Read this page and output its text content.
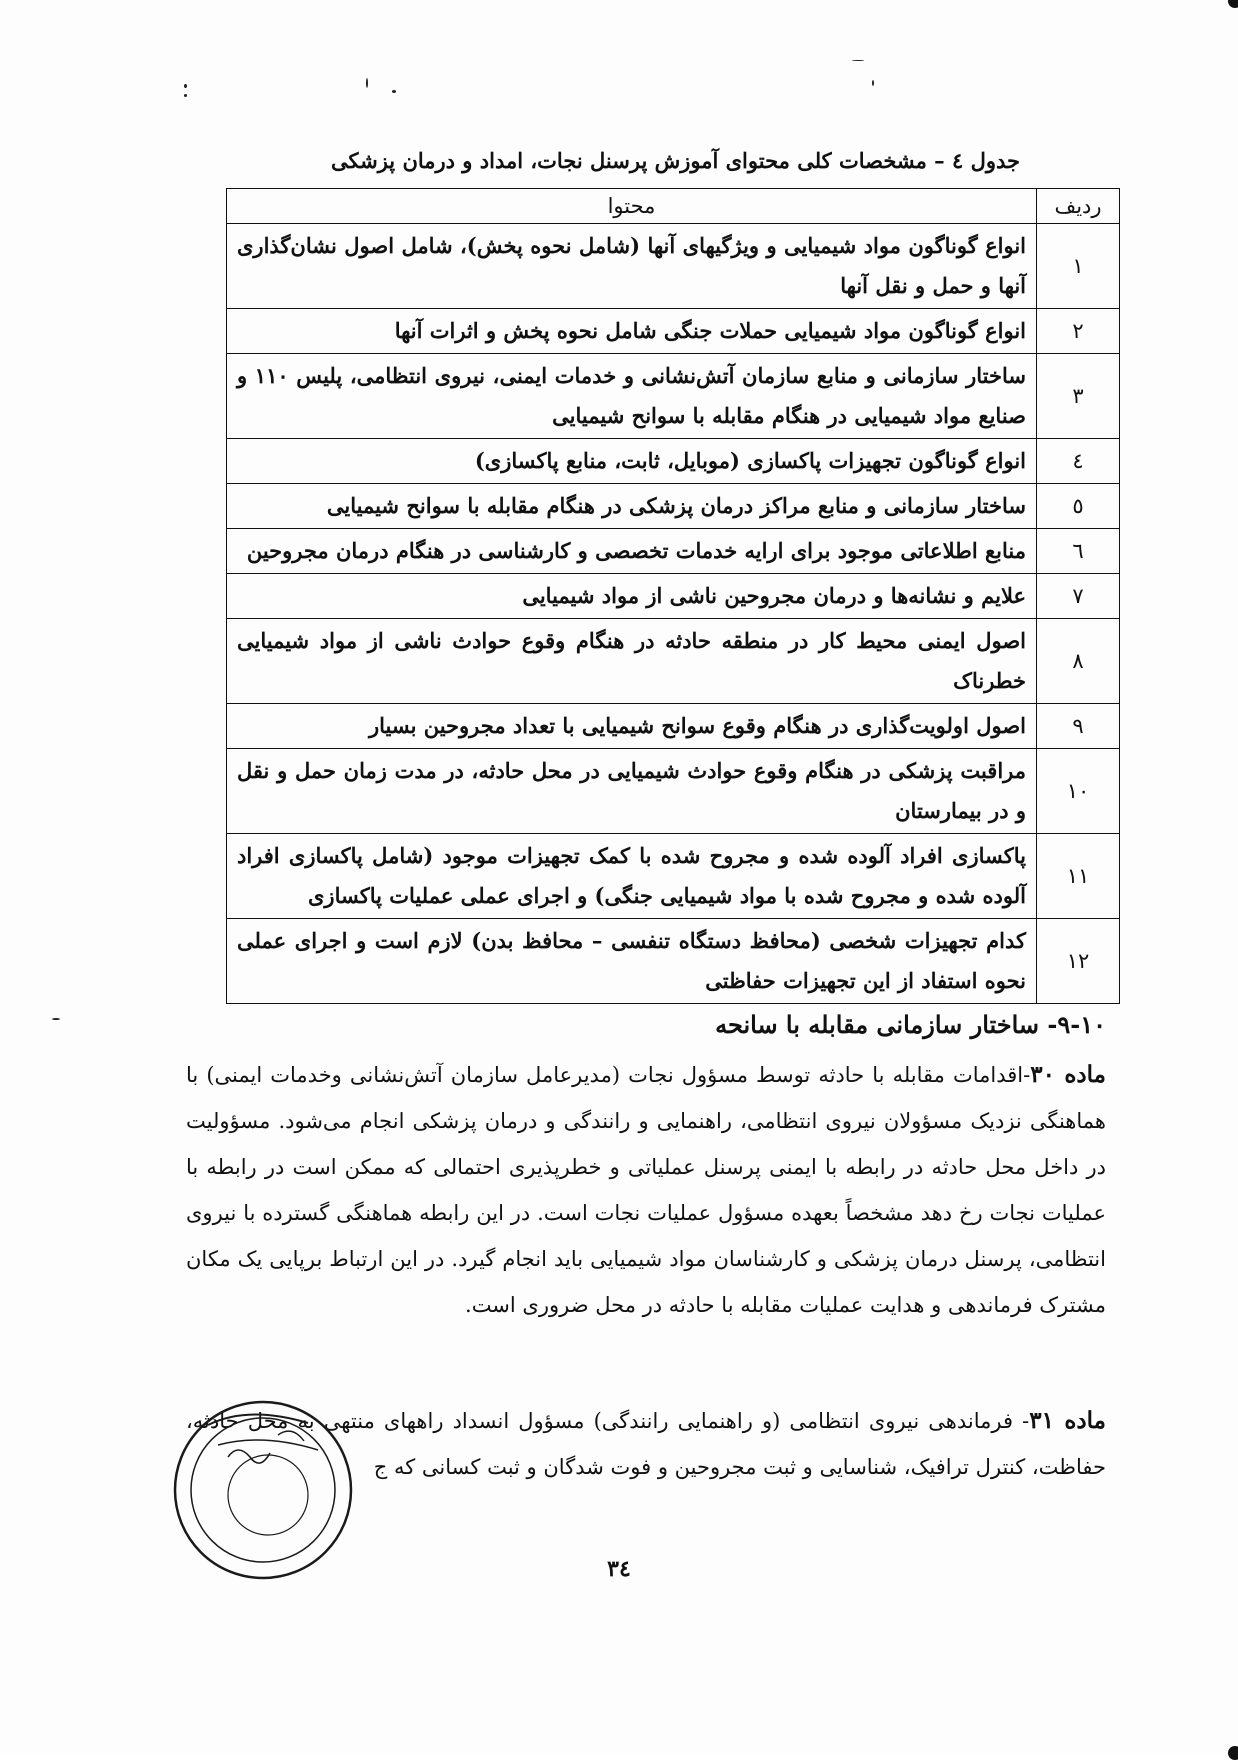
جدول ٤ – مشخصات کلی محتوای آموزش پرسنل نجات، امداد و درمان پزشکی
ردیف	محتوا
١	انواع گوناگون مواد شیمیایی و ویژگیهای آنها (شامل نحوه پخش)، شامل اصول نشان‌گذاری آنها و حمل و نقل آنها
٢	انواع گوناگون مواد شیمیایی حملات جنگی شامل نحوه پخش و اثرات آنها
٣	ساختار سازمانی و منابع سازمان آتش‌نشانی و خدمات ایمنی، نیروی انتظامی، پلیس ١١٠ و صنایع مواد شیمیایی در هنگام مقابله با سوانح شیمیایی
٤	انواع گوناگون تجهیزات پاکسازی (موبایل، ثابت، منابع پاکسازی)
٥	ساختار سازمانی و منابع مراکز درمان پزشکی در هنگام مقابله با سوانح شیمیایی
٦	منابع اطلاعاتی موجود برای ارایه خدمات تخصصی و کارشناسی در هنگام درمان مجروحین
٧	علایم و نشانه‌ها و درمان مجروحین ناشی از مواد شیمیایی
٨	اصول ایمنی محیط کار در منطقه حادثه در هنگام وقوع حوادث ناشی از مواد شیمیایی خطرناک
٩	اصول اولویت‌گذاری در هنگام وقوع سوانح شیمیایی با تعداد مجروحین بسیار
١٠	مراقبت پزشکی در هنگام وقوع حوادث شیمیایی در محل حادثه، در مدت زمان حمل و نقل و در بیمارستان
١١	پاکسازی افراد آلوده شده و مجروح شده با کمک تجهیزات موجود (شامل پاکسازی افراد آلوده شده و مجروح شده با مواد شیمیایی جنگی) و اجرای عملی عملیات پاکسازی
١٢	کدام تجهیزات شخصی (محافظ دستگاه تنفسی – محافظ بدن) لازم است و اجرای عملی نحوه استفاد از این تجهیزات حفاظتی
١٠-٩- ساختار سازمانی مقابله با سانحه
ماده ٣٠-اقدامات مقابله با حادثه توسط مسؤول نجات (مدیرعامل سازمان آتش‌نشانی وخدمات ایمنی) با هماهنگی نزدیک مسؤولان نیروی انتظامی، راهنمایی و رانندگی و درمان پزشکی انجام می‌شود. مسؤولیت در داخل محل حادثه در رابطه با ایمنی پرسنل عملیاتی و خطرپذیری احتمالی که ممکن است در رابطه با عملیات نجات رخ دهد مشخصاً بعهده مسؤول عملیات نجات است. در این رابطه هماهنگی گسترده با نیروی انتظامی، پرسنل درمان پزشکی و کارشناسان مواد شیمیایی باید انجام گیرد. در این ارتباط برپایی یک مکان مشترک فرماندهی و هدایت عملیات مقابله با حادثه در محل ضروری است.
ماده ٣١- فرماندهی نیروی انتظامی (و راهنمایی رانندگی) مسؤول انسداد راههای منتهی به محل حادثه، حفاظت، کنترل ترافیک، شناسایی و ثبت مجروحین و فوت شدگان و ثبت کسانی که ج
٣٤
